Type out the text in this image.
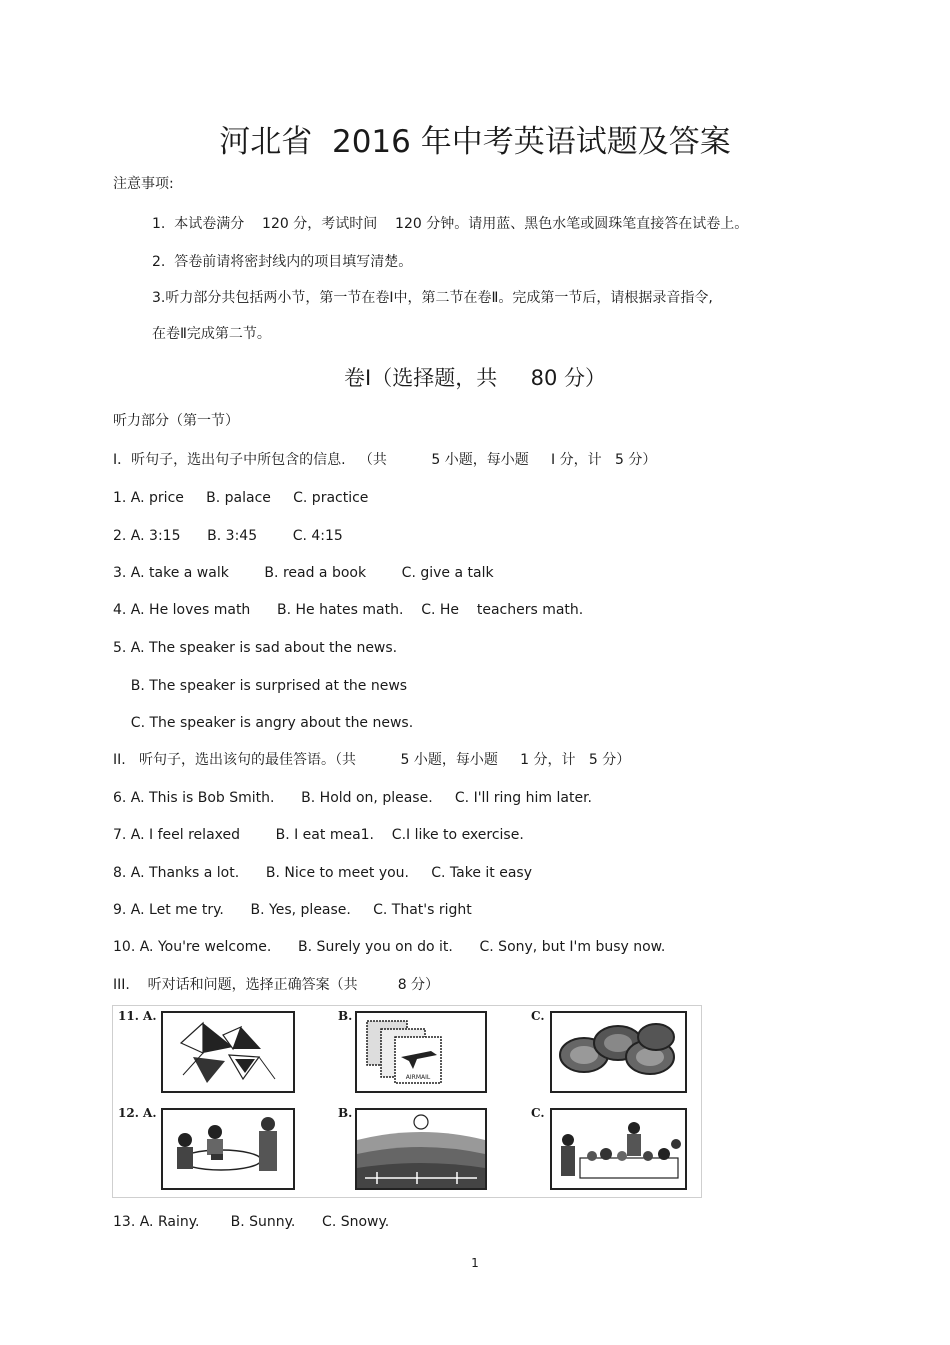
河北省  2016 年中考英语试题及答案
注意事项:
1.  本试卷满分    120 分，考试时间    120 分钟。请用蓝、黑色水笔或圆珠笔直接答在试卷上。
2.  答卷前请将密封线内的项目填写清楚。
3.听力部分共包括两小节，第一节在卷Ⅰ中，第二节在卷Ⅱ。完成第一节后，请根据录音指令,
在卷Ⅱ完成第二节。
卷Ⅰ（选择题，共     80 分）
听力部分（第一节）
I．听句子，选出句子中所包含的信息.   （共          5 小题，每小题     I 分，计   5 分）
1. A. price     B. palace     C. practice
2. A. 3:15      B. 3:45        C. 4:15
3. A. take a walk        B. read a book        C. give a talk
4. A. He loves math      B. He hates math.    C. He    teachers math.
5. A. The speaker is sad about the news.
B. The speaker is surprised at the news
C. The speaker is angry about the news.
II.   听句子，选出该句的最佳答语。（共          5 小题，每小题     1 分，计   5 分）
6. A. This is Bob Smith.      B. Hold on, please.     C. I'll ring him later.
7. A. I feel relaxed        B. I eat mea1.    C.I like to exercise.
8. A. Thanks a lot.      B. Nice to meet you.     C. Take it easy
9. A. Let me try.      B. Yes, please.     C. That's right
10. A. You're welcome.      B. Surely you on do it.      C. Sony, but I'm busy now.
III.    听对话和问题，选择正确答案（共         8 分）
11. A.	B.	C.
12. A.	B.	C.
AIRMAIL
13. A. Rainy.       B. Sunny.      C. Snowy.
1
